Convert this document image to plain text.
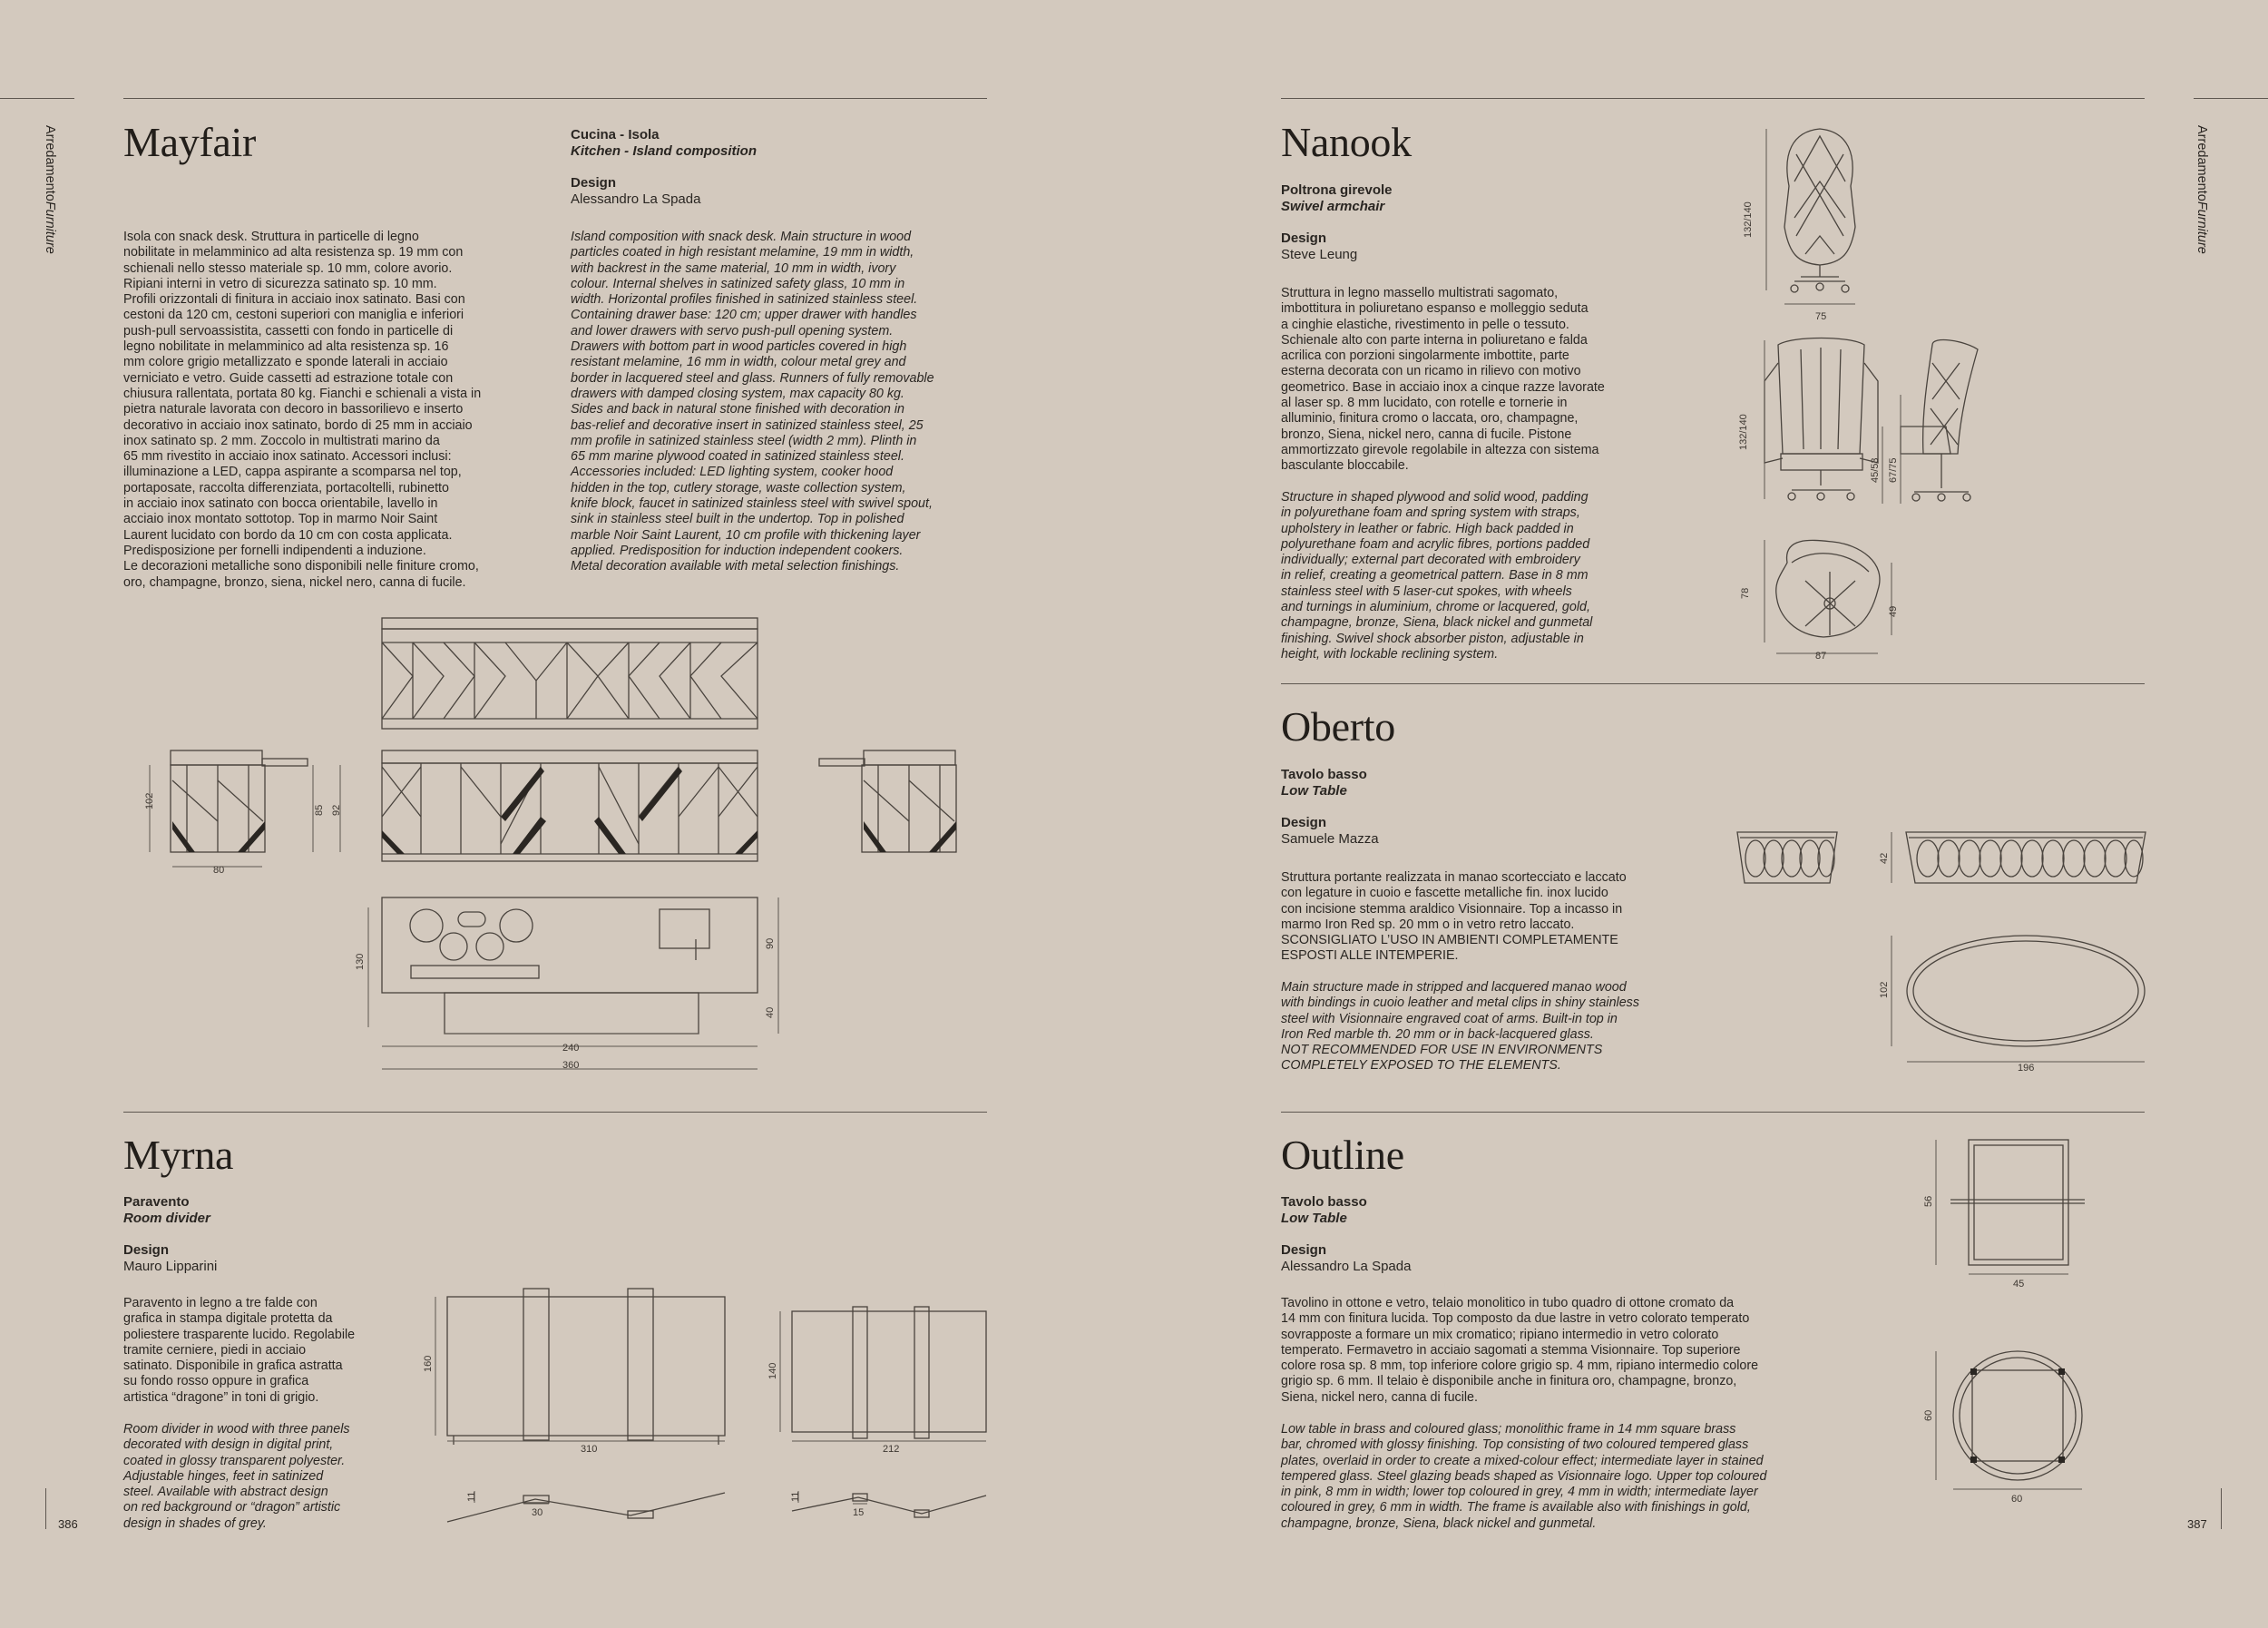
ArredamentoFurniture
ArredamentoFurniture
386	387
Mayfair	Cucina - Isola
Kitchen - Island composition
Design
Alessandro La Spada
Isola con snack desk. Struttura in particelle di legno
nobilitate in melamminico ad alta resistenza sp. 19 mm con
schienali nello stesso materiale sp. 10 mm, colore avorio.
Ripiani interni in vetro di sicurezza satinato sp. 10 mm.
Profili orizzontali di finitura in acciaio inox satinato. Basi con
cestoni da 120 cm, cestoni superiori con maniglia e inferiori
push-pull servoassistita, cassetti con fondo in particelle di
legno nobilitate in melamminico ad alta resistenza sp. 16
mm colore grigio metallizzato e sponde laterali in acciaio
verniciato e vetro. Guide cassetti ad estrazione totale con
chiusura rallentata, portata 80 kg. Fianchi e schienali a vista in
pietra naturale lavorata con decoro in bassorilievo e inserto
decorativo in acciaio inox satinato, bordo di 25 mm in acciaio
inox satinato sp. 2 mm. Zoccolo in multistrati marino da
65 mm rivestito in acciaio inox satinato. Accessori inclusi:
illuminazione a LED, cappa aspirante a scomparsa nel top,
portaposate, raccolta differenziata, portacoltelli, rubinetto
in acciaio inox satinato con bocca orientabile, lavello in
acciaio inox montato sottotop. Top in marmo Noir Saint
Laurent lucidato con bordo da 10 cm con costa applicata.
Predisposizione per fornelli indipendenti a induzione.
Le decorazioni metalliche sono disponibili nelle finiture cromo,
oro, champagne, bronzo, siena, nickel nero, canna di fucile.
Island composition with snack desk. Main structure in wood
particles coated in high resistant melamine, 19 mm in width,
with backrest in the same material, 10 mm in width, ivory
colour. Internal shelves in satinized safety glass, 10 mm in
width. Horizontal profiles finished in satinized stainless steel.
Containing drawer base: 120 cm; upper drawer with handles
and lower drawers with servo push-pull opening system.
Drawers with bottom part in wood particles covered in high
resistant melamine, 16 mm in width, colour metal grey and
border in lacquered steel and glass. Runners of fully removable
drawers with damped closing system, max capacity 80 kg.
Sides and back in natural stone finished with decoration in
bas-relief and decorative insert in satinized stainless steel, 25
mm profile in satinized stainless steel (width 2 mm). Plinth in
65 mm marine plywood coated in satinized stainless steel.
Accessories included: LED lighting system, cooker hood
hidden in the top, cutlery storage, waste collection system,
knife block, faucet in satinized stainless steel with swivel spout,
sink in stainless steel built in the undertop. Top in polished
marble Noir Saint Laurent, 10 cm profile with thickening layer
applied. Predisposition for induction independent cookers.
Metal decoration available with metal selection finishings.
102
80
85 92
130
90
40
240
360
Myrna
Paravento
Room divider
Design
Mauro Lipparini
Paravento in legno a tre falde con
grafica in stampa digitale protetta da
poliestere trasparente lucido. Regolabile
tramite cerniere, piedi in acciaio
satinato. Disponibile in grafica astratta
su fondo rosso oppure in grafica
artistica “dragone” in toni di grigio.
Room divider in wood with three panels
decorated with design in digital print,
coated in glossy transparent polyester.
Adjustable hinges, feet in satinized
steel. Available with abstract design
on red background or “dragon” artistic
design in shades of grey.
160
310
140
212
11
30
11
15
Nanook
Poltrona girevole
Swivel armchair
Design
Steve Leung
Struttura in legno massello multistrati sagomato,
imbottitura in poliuretano espanso e molleggio seduta
a cinghie elastiche, rivestimento in pelle o tessuto.
Schienale alto con parte interna in poliuretano e falda
acrilica con porzioni singolarmente imbottite, parte
esterna decorata con un ricamo in rilievo con motivo
geometrico. Base in acciaio inox a cinque razze lavorate
al laser sp. 8 mm lucidato, con rotelle e tornerie in
alluminio, finitura cromo o laccata, oro, champagne,
bronzo, Siena, nickel nero, canna di fucile. Pistone
ammortizzato girevole regolabile in altezza con sistema
basculante bloccabile.
Structure in shaped plywood and solid wood, padding
in polyurethane foam and spring system with straps,
upholstery in leather or fabric. High back padded in
polyurethane foam and acrylic fibres, portions padded
individually; external part decorated with embroidery
in relief, creating a geometrical pattern. Base in 8 mm
stainless steel with 5 laser-cut spokes, with wheels
and turnings in aluminium, chrome or lacquered, gold,
champagne, bronze, Siena, black nickel and gunmetal
finishing. Swivel shock absorber piston, adjustable in
height, with lockable reclining system.
132/140
75
132/140
45/53 67/75
78
49
87
Oberto
Tavolo basso
Low Table
Design
Samuele Mazza
Struttura portante realizzata in manao scortecciato e laccato
con legature in cuoio e fascette metalliche fin. inox lucido
con incisione stemma araldico Visionnaire. Top a incasso in
marmo Iron Red sp. 20 mm o in vetro retro laccato.
SCONSIGLIATO L’USO IN AMBIENTI COMPLETAMENTE
ESPOSTI ALLE INTEMPERIE.
Main structure made in stripped and lacquered manao wood
with bindings in cuoio leather and metal clips in shiny stainless
steel with Visionnaire engraved coat of arms. Built-in top in
Iron Red marble th. 20 mm or in back-lacquered glass.
NOT RECOMMENDED FOR USE IN ENVIRONMENTS
COMPLETELY EXPOSED TO THE ELEMENTS.
42
102
196
Outline
Tavolo basso
Low Table
Design
Alessandro La Spada
Tavolino in ottone e vetro, telaio monolitico in tubo quadro di ottone cromato da
14 mm con finitura lucida. Top composto da due lastre in vetro colorato temperato
sovrapposte a formare un mix cromatico; ripiano intermedio in vetro colorato
temperato. Fermavetro in acciaio sagomati a stemma Visionnaire. Top superiore
colore rosa sp. 8 mm, top inferiore colore grigio sp. 4 mm, ripiano intermedio colore
grigio sp. 6 mm. Il telaio è disponibile anche in finitura oro, champagne, bronzo,
Siena, nickel nero, canna di fucile.
Low table in brass and coloured glass; monolithic frame in 14 mm square brass
bar, chromed with glossy finishing. Top consisting of two coloured tempered glass
plates, overlaid in order to create a mixed-colour effect; intermediate layer in stained
tempered glass. Steel glazing beads shaped as Visionnaire logo. Upper top coloured
in pink, 8 mm in width; lower top coloured in grey, 4 mm in width; intermediate layer
coloured in grey, 6 mm in width. The frame is available also with finishings in gold,
champagne, bronze, Siena, black nickel and gunmetal.
56
45
60
60
